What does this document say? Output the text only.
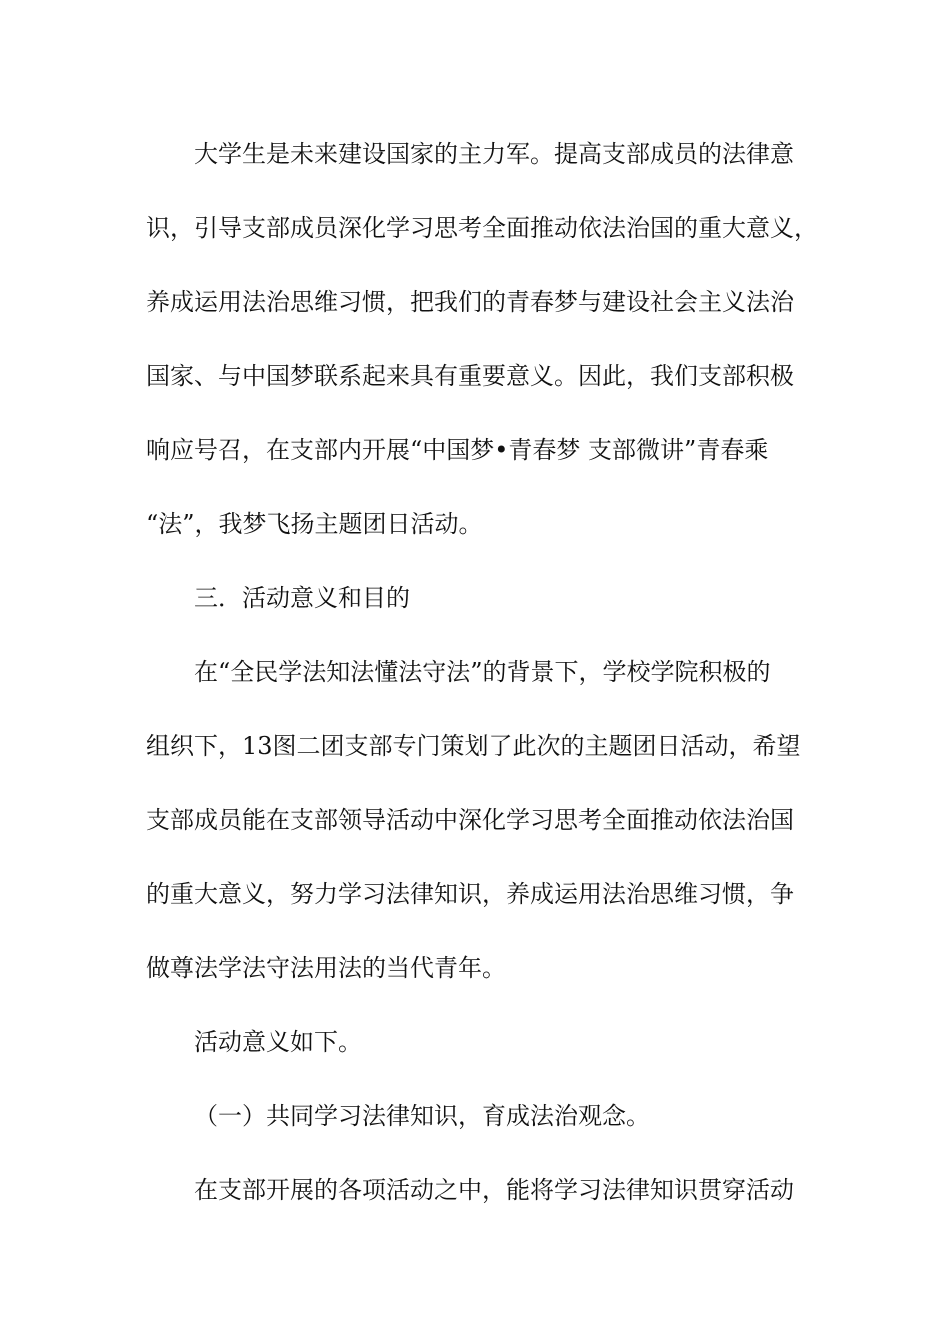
大学生是未来建设国家的主力军。提高支部成员的法律意
识，引导支部成员深化学习思考全面推动依法治国的重大意义，
养成运用法治思维习惯，把我们的青春梦与建设社会主义法治
国家、与中国梦联系起来具有重要意义。因此，我们支部积极
响应号召，在支部内开展“中国梦•青春梦 支部微讲”青春乘
“法”，我梦飞扬主题团日活动。
三．活动意义和目的
在“全民学法知法懂法守法”的背景下，学校学院积极的
组织下，13图二团支部专门策划了此次的主题团日活动，希望
支部成员能在支部领导活动中深化学习思考全面推动依法治国
的重大意义，努力学习法律知识，养成运用法治思维习惯，争
做尊法学法守法用法的当代青年。
活动意义如下。
（一）共同学习法律知识，育成法治观念。
在支部开展的各项活动之中，能将学习法律知识贯穿活动
